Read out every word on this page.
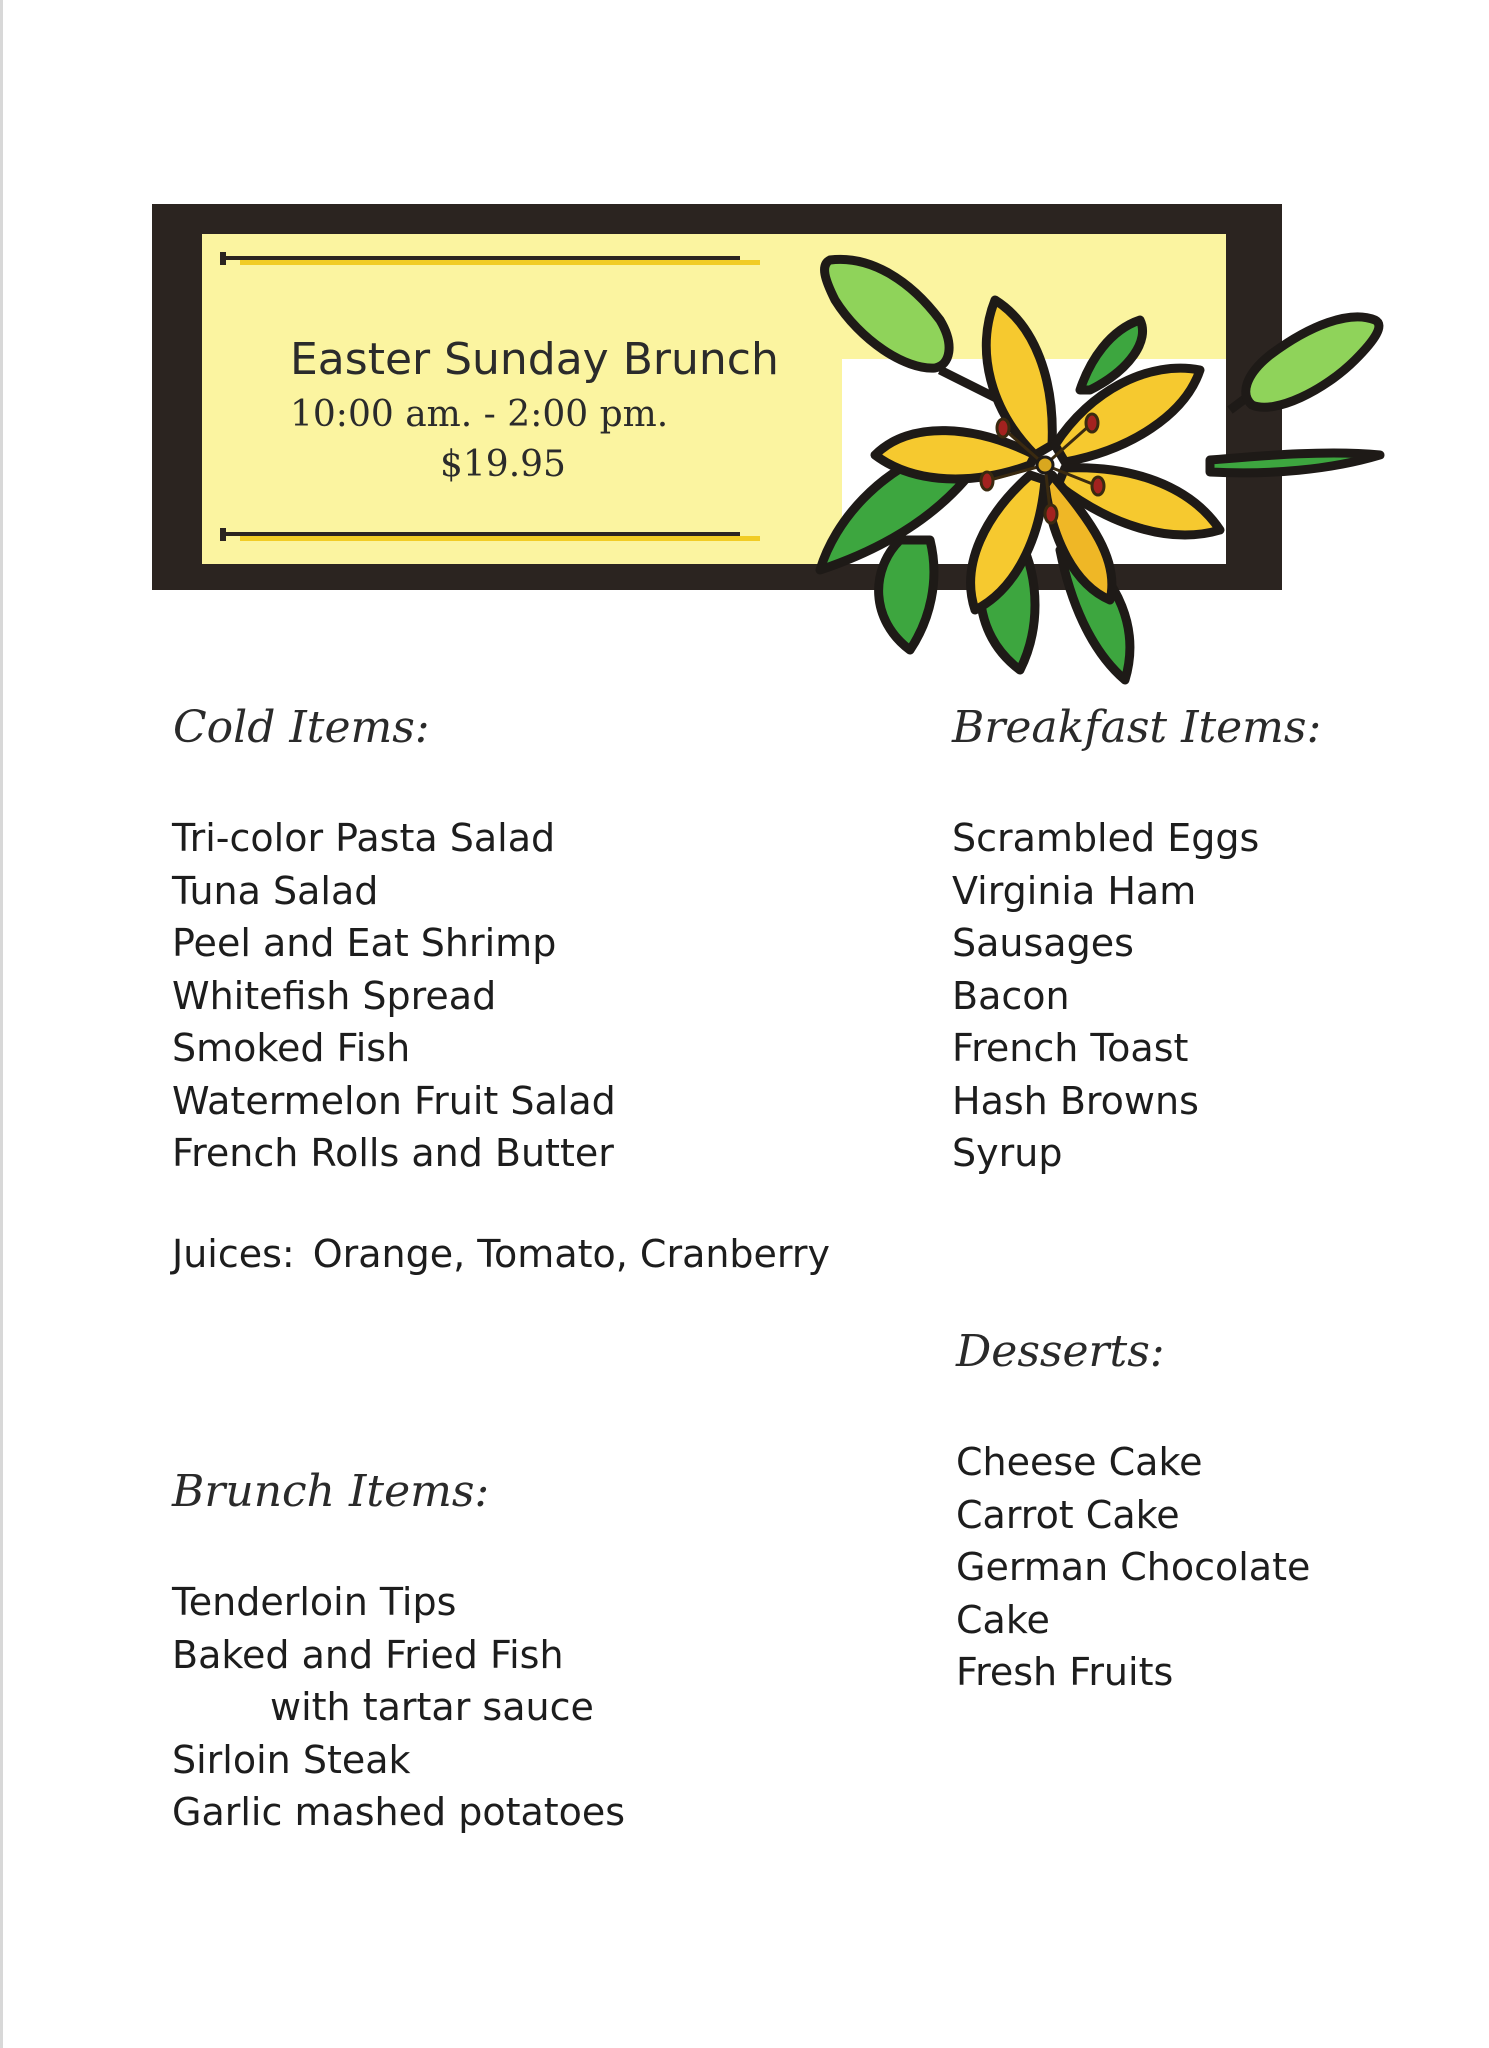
Easter Sunday Brunch
10:00 am. - 2:00 pm.
$19.95
Cold Items:
Tri-color Pasta Salad
Tuna Salad
Peel and Eat Shrimp
Whitefish Spread
Smoked Fish
Watermelon Fruit Salad
French Rolls and Butter
Juices: Orange, Tomato, Cranberry
Breakfast Items:
Scrambled Eggs
Virginia Ham
Sausages
Bacon
French Toast
Hash Browns
Syrup
Desserts:
Cheese Cake
Carrot Cake
German Chocolate
Cake
Fresh Fruits
Brunch Items:
Tenderloin Tips
Baked and Fried Fish
with tartar sauce
Sirloin Steak
Garlic mashed potatoes
